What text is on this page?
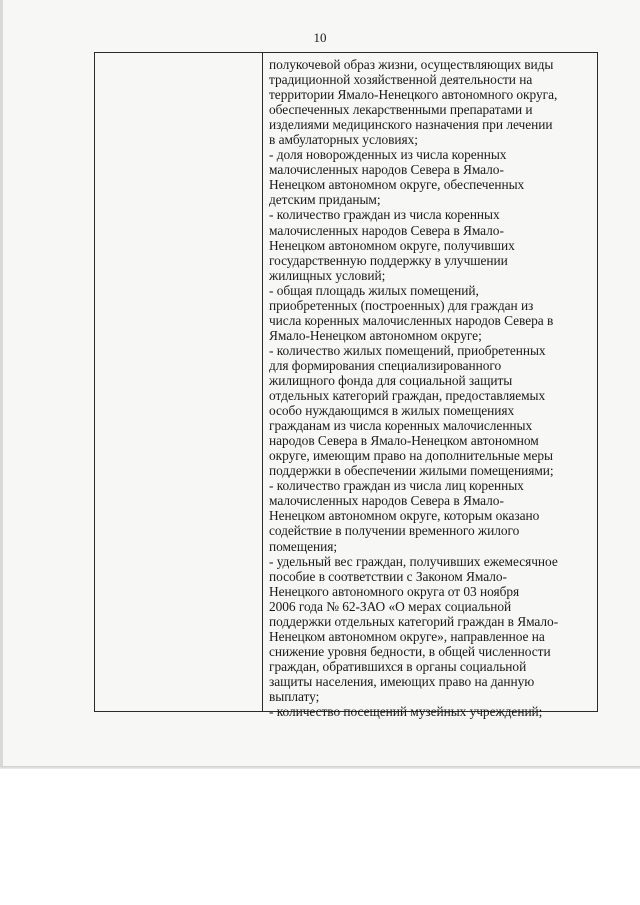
10
полукочевой образ жизни, осуществляющих виды
традиционной хозяйственной деятельности на
территории Ямало-Ненецкого автономного округа,
обеспеченных лекарственными препаратами и
изделиями медицинского назначения при лечении
в амбулаторных условиях;
- доля новорожденных из числа коренных
малочисленных народов Севера в Ямало-
Ненецком автономном округе, обеспеченных
детским приданым;
- количество граждан из числа коренных
малочисленных народов Севера в Ямало-
Ненецком автономном округе, получивших
государственную поддержку в улучшении
жилищных условий;
- общая площадь жилых помещений,
приобретенных (построенных) для граждан из
числа коренных малочисленных народов Севера в
Ямало-Ненецком автономном округе;
- количество жилых помещений, приобретенных
для формирования специализированного
жилищного фонда для социальной защиты
отдельных категорий граждан, предоставляемых
особо нуждающимся в жилых помещениях
гражданам из числа коренных малочисленных
народов Севера в Ямало-Ненецком автономном
округе, имеющим право на дополнительные меры
поддержки в обеспечении жилыми помещениями;
- количество граждан из числа лиц коренных
малочисленных народов Севера в Ямало-
Ненецком автономном округе, которым оказано
содействие в получении временного жилого
помещения;
- удельный вес граждан, получивших ежемесячное
пособие в соответствии с Законом Ямало-
Ненецкого автономного округа от 03 ноября
2006 года № 62-ЗАО «О мерах социальной
поддержки отдельных категорий граждан в Ямало-
Ненецком автономном округе», направленное на
снижение уровня бедности, в общей численности
граждан, обратившихся в органы социальной
защиты населения, имеющих право на данную
выплату;
- количество посещений музейных учреждений;
